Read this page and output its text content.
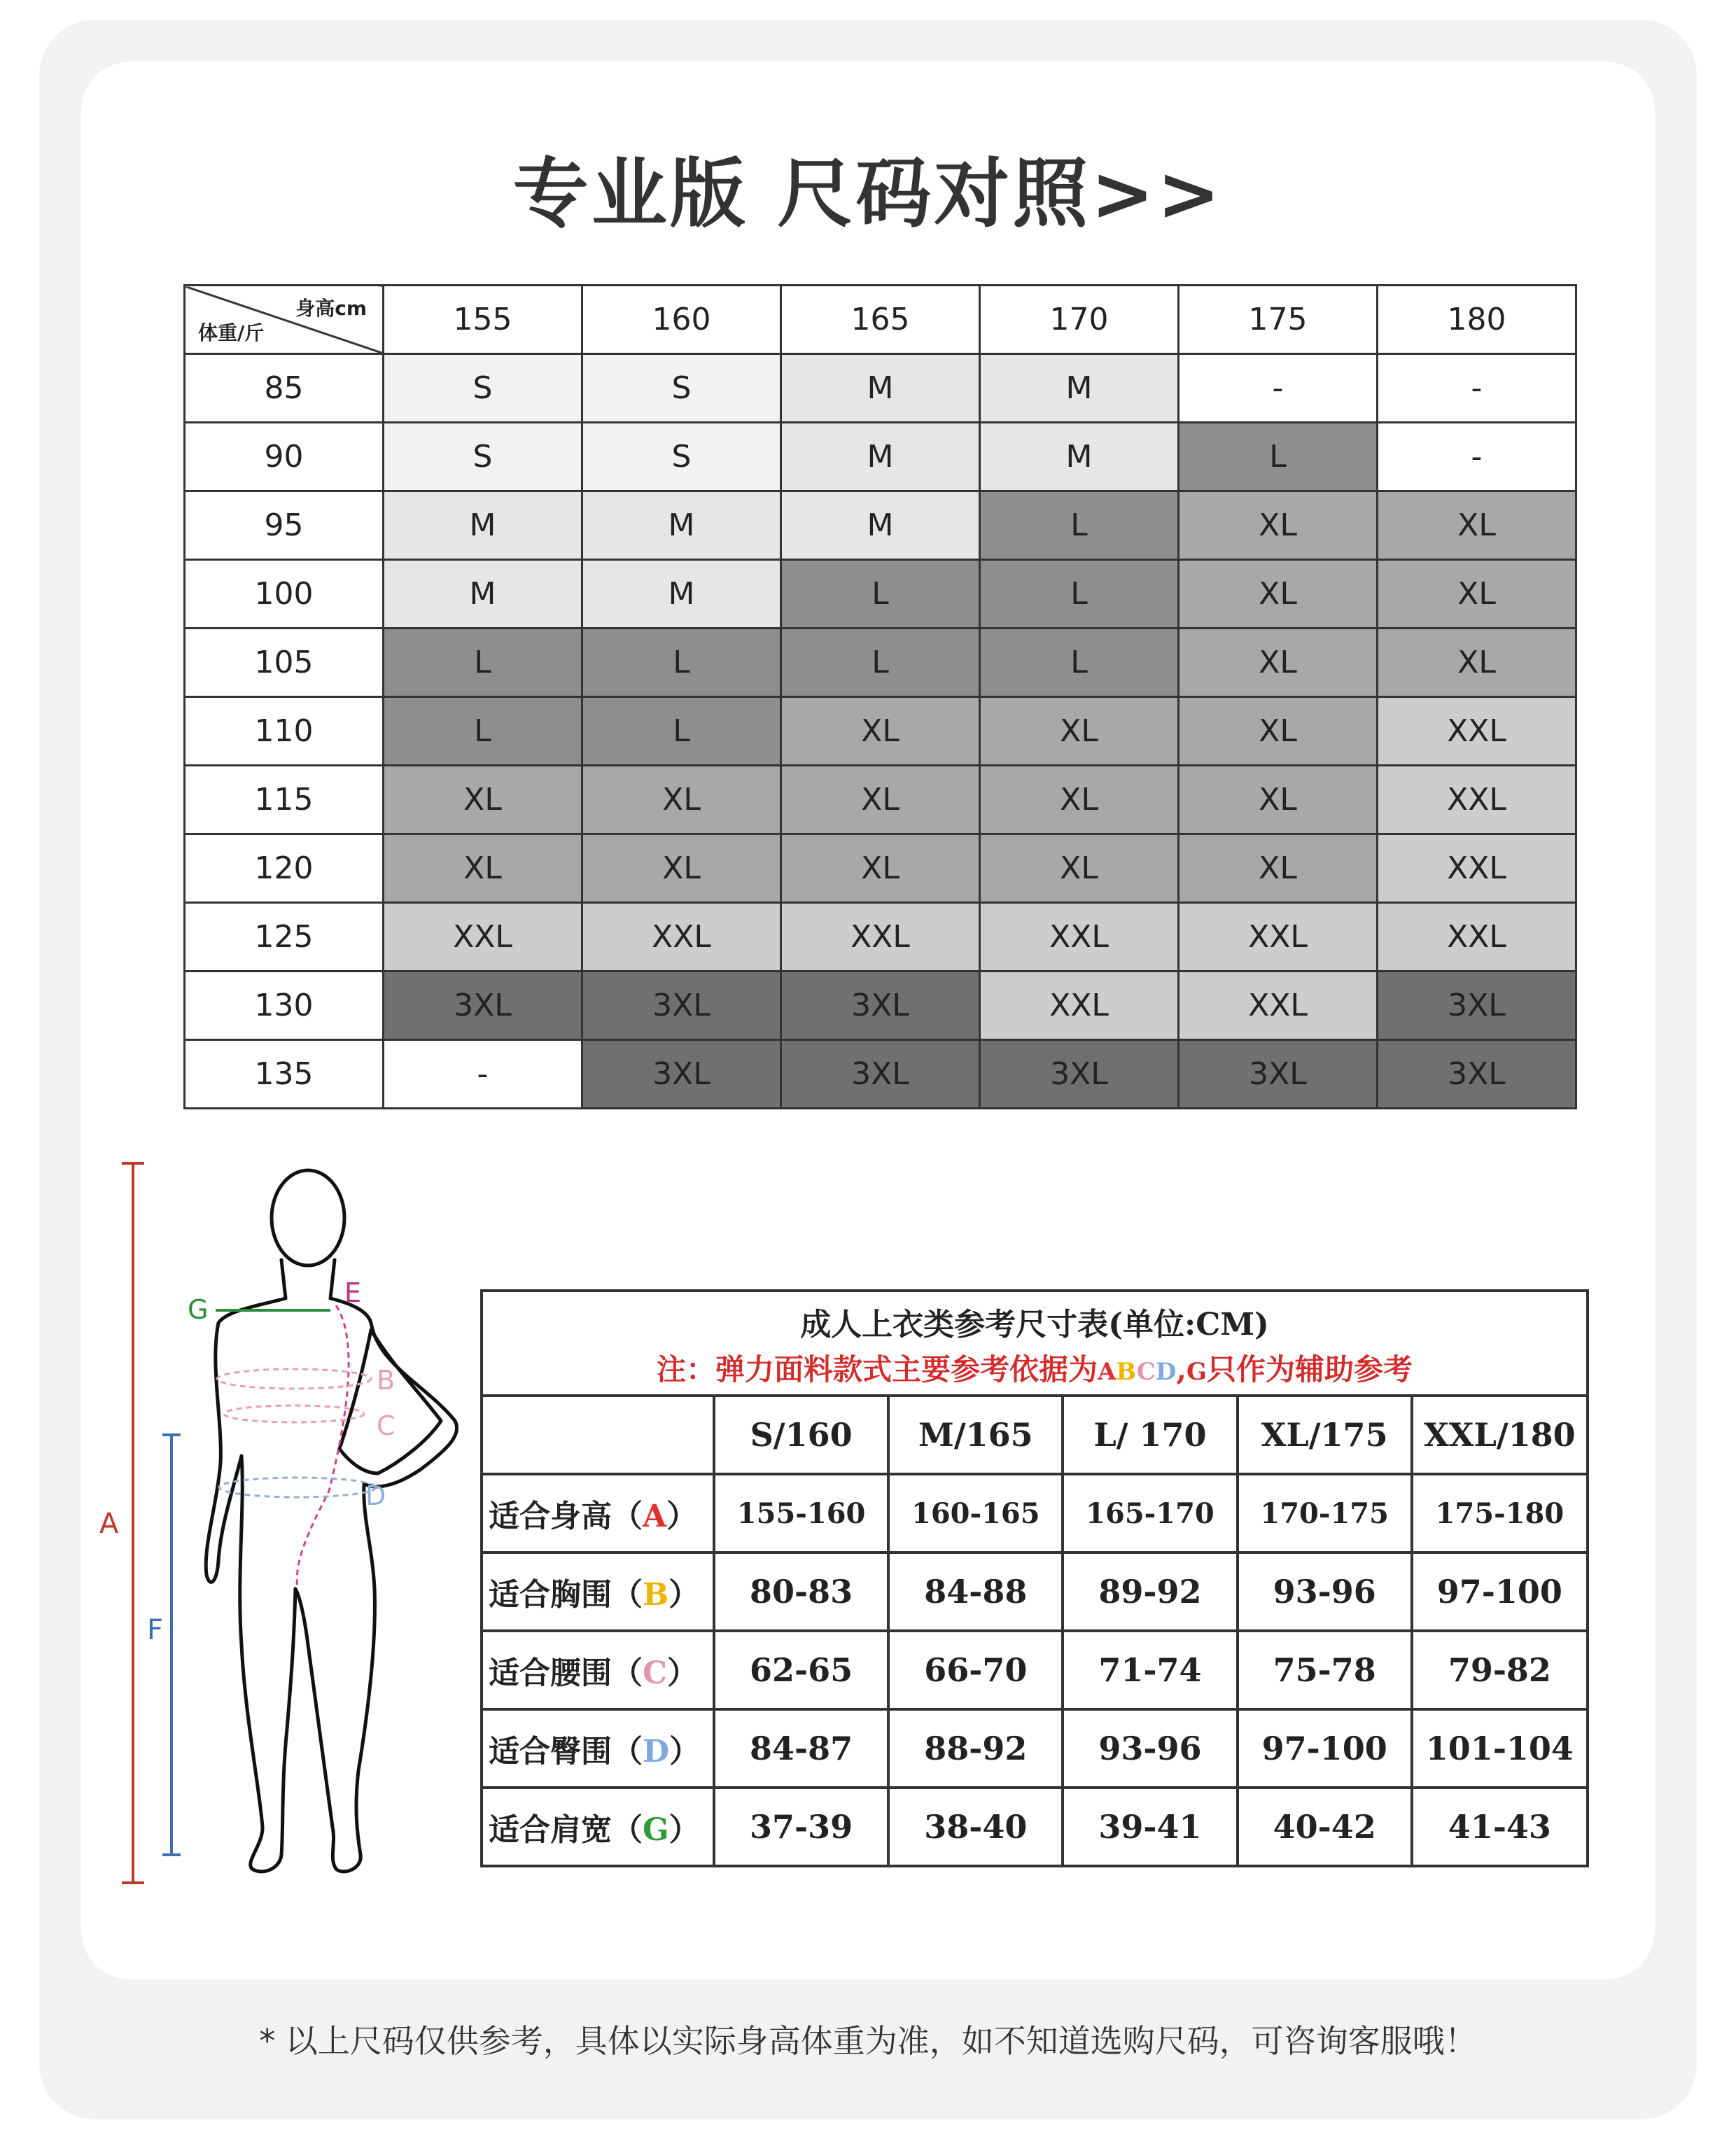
专业版 尺码对照>>
身高cm
体重/斤	155	160	165	170	175	180
85	S	S	M	M	-	-
90	S	S	M	M	L	-
95	M	M	M	L	XL	XL
100	M	M	L	L	XL	XL
105	L	L	L	L	XL	XL
110	L	L	XL	XL	XL	XXL
115	XL	XL	XL	XL	XL	XXL
120	XL	XL	XL	XL	XL	XXL
125	XXL	XXL	XXL	XXL	XXL	XXL
130	3XL	3XL	3XL	XXL	XXL	3XL
135	-	3XL	3XL	3XL	3XL	3XL
A
F
G
E
B
C
D
成人上衣类参考尺寸表(单位:CM)
注：弹力面料款式主要参考依据为ABCD,G只作为辅助参考
	S/160	M/165	L/ 170	XL/175	XXL/180
适合身高（A）	155-160	160-165	165-170	170-175	175-180
适合胸围（B）	80-83	84-88	89-92	93-96	97-100
适合腰围（C）	62-65	66-70	71-74	75-78	79-82
适合臀围（D）	84-87	88-92	93-96	97-100	101-104
适合肩宽（G）	37-39	38-40	39-41	40-42	41-43
* 以上尺码仅供参考，具体以实际身高体重为准，如不知道选购尺码，可咨询客服哦！
